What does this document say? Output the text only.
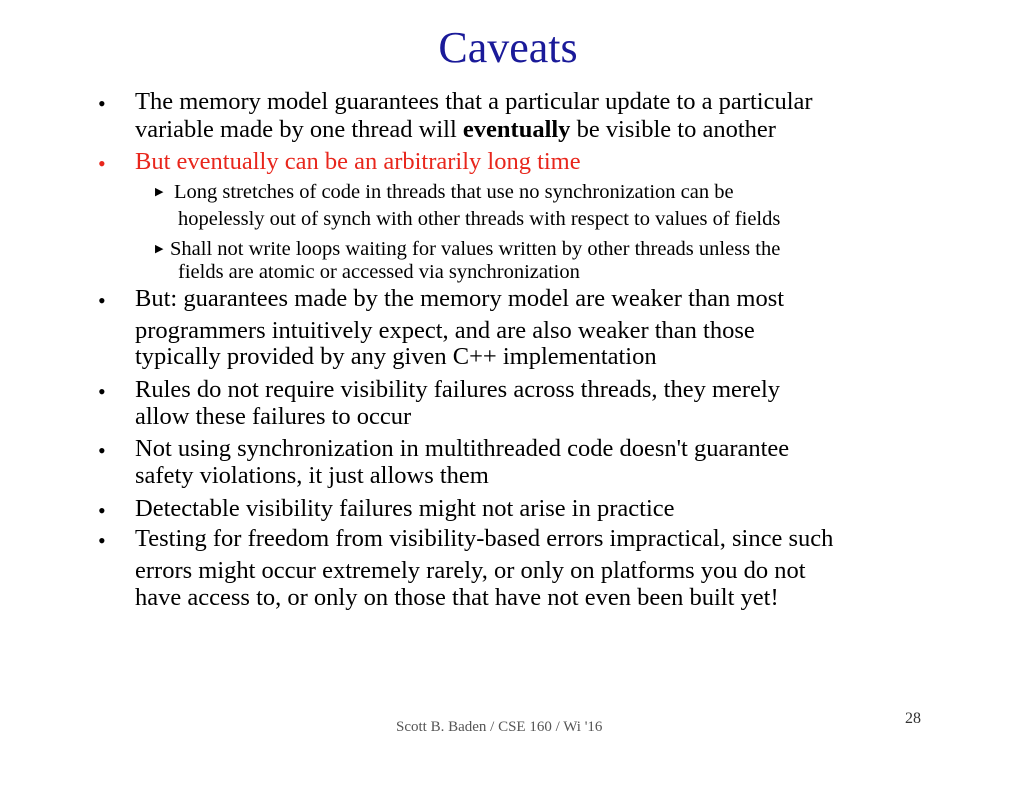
Caveats
• The memory model guarantees that a particular update to a particular
variable made by one thread will eventually be visible to another
• But eventually can be an arbitrarily long time
▶ Long stretches of code in threads that use no synchronization can be
hopelessly out of synch with other threads with respect to values of fields
▶ Shall not write loops waiting for values written by other threads unless the
fields are atomic or accessed via synchronization
• But: guarantees made by the memory model are weaker than most
programmers intuitively expect, and are also weaker than those
typically provided by any given C++ implementation
• Rules do not require visibility failures across threads, they merely
allow these failures to occur
• Not using synchronization in multithreaded code doesn't guarantee
safety violations, it just allows them
• Detectable visibility failures might not arise in practice
• Testing for freedom from visibility-based errors impractical, since such
errors might occur extremely rarely, or only on platforms you do not
have access to, or only on those that have not even been built yet!
Scott B. Baden / CSE 160 / Wi '16	28
